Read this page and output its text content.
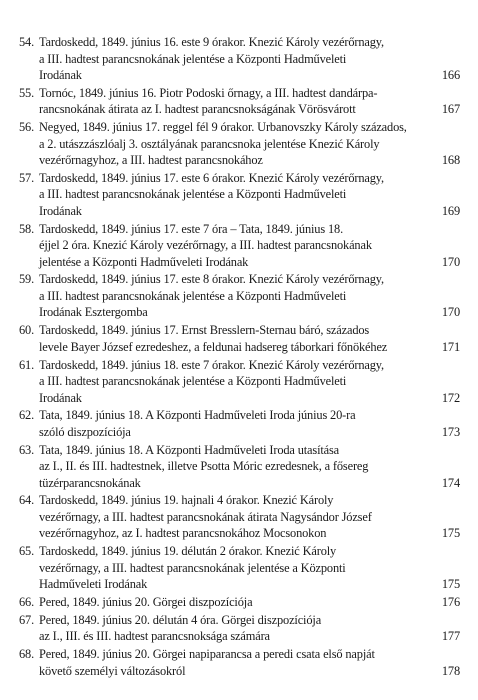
54. Tardoskedd, 1849. június 16. este 9 órakor. Knezić Károly vezérőrnagy,
a III. hadtest parancsnokának jelentése a Központi Hadműveleti
Irodának	166
55. Tornóc, 1849. június 16. Piotr Podoski őrnagy, a III. hadtest dandárpa-
rancsnokának átirata az I. hadtest parancsnokságának Vörösvárott	167
56. Negyed, 1849. június 17. reggel fél 9 órakor. Urbanovszky Károly százados,
a 2. utászzászlóalj 3. osztályának parancsnoka jelentése Knezić Károly
vezérőrnagyhoz, a III. hadtest parancsnokához	168
57. Tardoskedd, 1849. június 17. este 6 órakor. Knezić Károly vezérőrnagy,
a III. hadtest parancsnokának jelentése a Központi Hadműveleti
Irodának	169
58. Tardoskedd, 1849. június 17. este 7 óra – Tata, 1849. június 18.
éjjel 2 óra. Knezić Károly vezérőrnagy, a III. hadtest parancsnokának
jelentése a Központi Hadműveleti Irodának	170
59. Tardoskedd, 1849. június 17. este 8 órakor. Knezić Károly vezérőrnagy,
a III. hadtest parancsnokának jelentése a Központi Hadműveleti
Irodának Esztergomba	170
60. Tardoskedd, 1849. június 17. Ernst Bresslern-Sternau báró, százados
levele Bayer József ezredeshez, a feldunai hadsereg táborkari főnökéhez	171
61. Tardoskedd, 1849. június 18. este 7 órakor. Knezić Károly vezérőrnagy,
a III. hadtest parancsnokának jelentése a Központi Hadműveleti
Irodának	172
62. Tata, 1849. június 18. A Központi Hadműveleti Iroda június 20-ra
szóló diszpozíciója	173
63. Tata, 1849. június 18. A Központi Hadműveleti Iroda utasítása
az I., II. és III. hadtestnek, illetve Psotta Móric ezredesnek, a fősereg
tüzérparancsnokának	174
64. Tardoskedd, 1849. június 19. hajnali 4 órakor. Knezić Károly
vezérőrnagy, a III. hadtest parancsnokának átirata Nagysándor József
vezérőrnagyhoz, az I. hadtest parancsnokához Mocsonokon	175
65. Tardoskedd, 1849. június 19. délután 2 órakor. Knezić Károly
vezérőrnagy, a III. hadtest parancsnokának jelentése a Központi
Hadműveleti Irodának	175
66. Pered, 1849. június 20. Görgei diszpozíciója	176
67. Pered, 1849. június 20. délután 4 óra. Görgei diszpozíciója
az I., III. és III. hadtest parancsnoksága számára	177
68. Pered, 1849. június 20. Görgei napiparancsa a peredi csata első napját
követő személyi változásokról	178
